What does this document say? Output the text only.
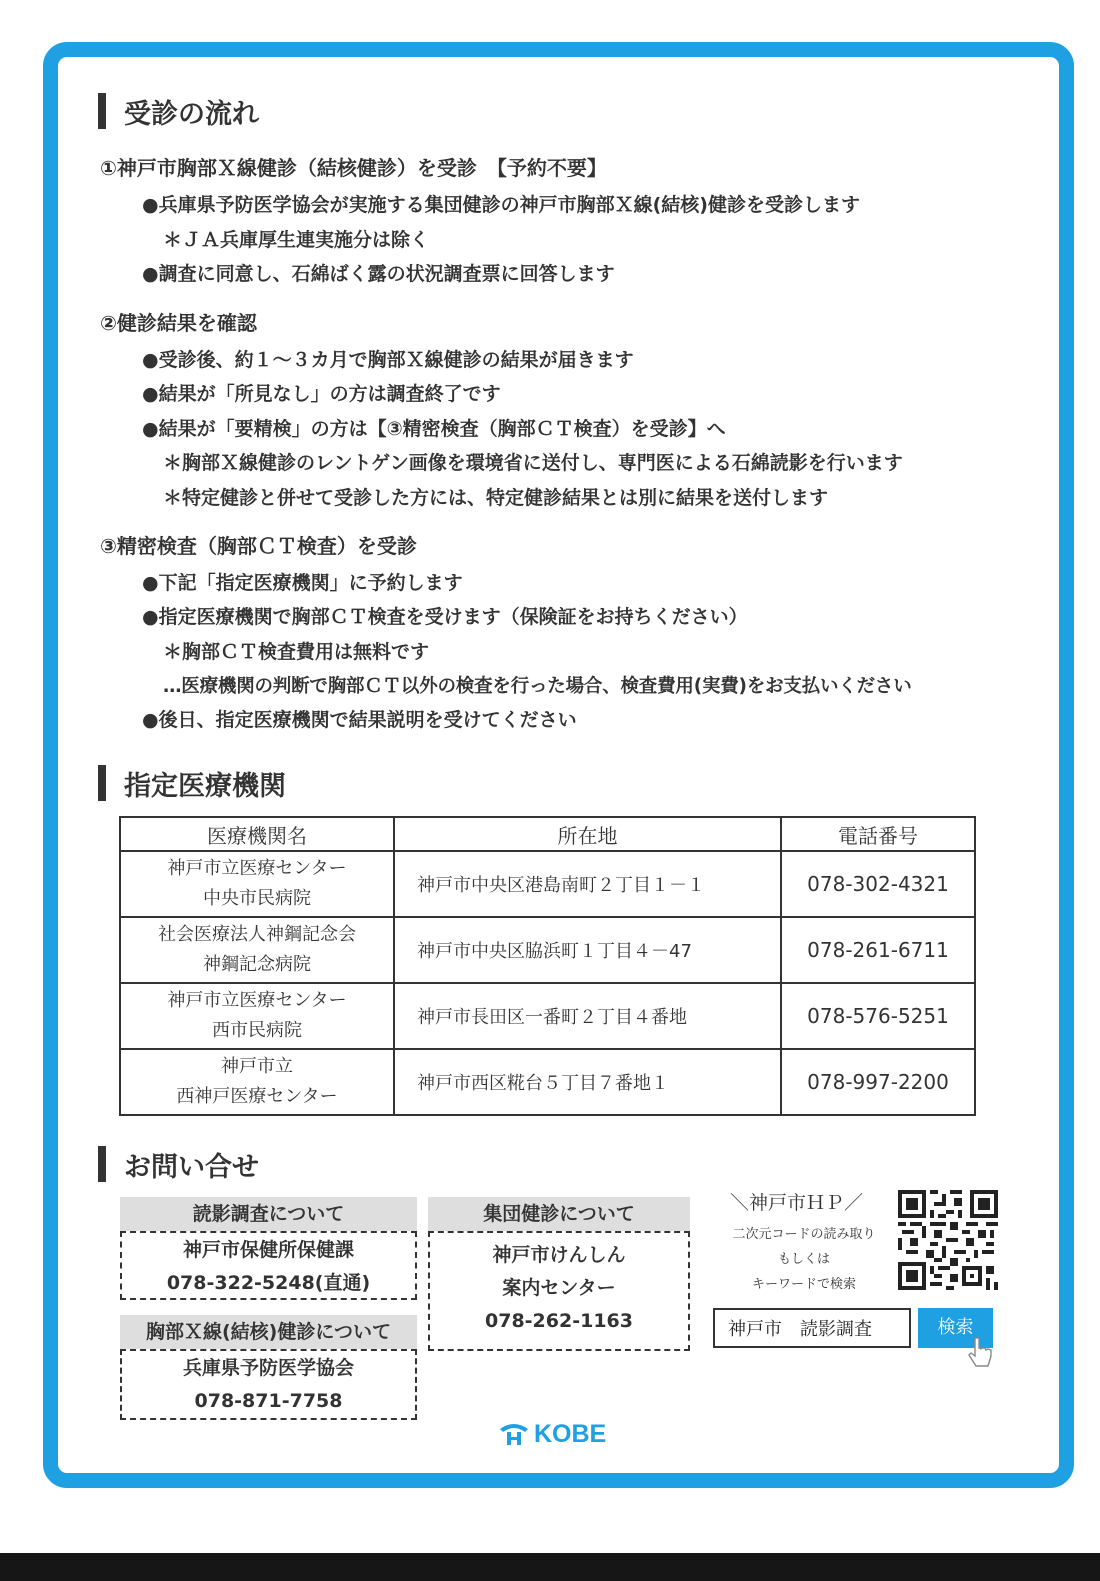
受診の流れ
①神戸市胸部Ｘ線健診（結核健診）を受診　【予約不要】
●兵庫県予防医学協会が実施する集団健診の神戸市胸部Ｘ線(結核)健診を受診します
＊ＪＡ兵庫厚生連実施分は除く
●調査に同意し、石綿ばく露の状況調査票に回答します
②健診結果を確認
●受診後、約１～３カ月で胸部Ｘ線健診の結果が届きます
●結果が「所見なし」の方は調査終了です
●結果が「要精検」の方は【③精密検査（胸部ＣＴ検査）を受診】へ
＊胸部Ｘ線健診のレントゲン画像を環境省に送付し、専門医による石綿読影を行います
＊特定健診と併せて受診した方には、特定健診結果とは別に結果を送付します
③精密検査（胸部ＣＴ検査）を受診
●下記「指定医療機関」に予約します
●指定医療機関で胸部ＣＴ検査を受けます（保険証をお持ちください）
＊胸部ＣＴ検査費用は無料です
…医療機関の判断で胸部ＣＴ以外の検査を行った場合、検査費用(実費)をお支払いください
●後日、指定医療機関で結果説明を受けてください
指定医療機関
医療機関名	所在地	電話番号

神戸市立医療センター
中央市民病院	神戸市中央区港島南町２丁目１－１	078-302-4321

社会医療法人神鋼記念会
神鋼記念病院	神戸市中央区脇浜町１丁目４－47	078-261-6711

神戸市立医療センター
西市民病院	神戸市長田区一番町２丁目４番地	078-576-5251

神戸市立
西神戸医療センター	神戸市西区糀台５丁目７番地１	078-997-2200
お問い合せ
読影調査について
神戸市保健所保健課
078-322-5248(直通)
胸部Ｘ線(結核)健診について
兵庫県予防医学協会
078-871-7758
集団健診について
神戸市けんしん
案内センター
078-262-1163
＼神戸市ＨＰ／
二次元コードの読み取り
もしくは
キーワードで検索
神戸市　読影調査	検索
KOBE
